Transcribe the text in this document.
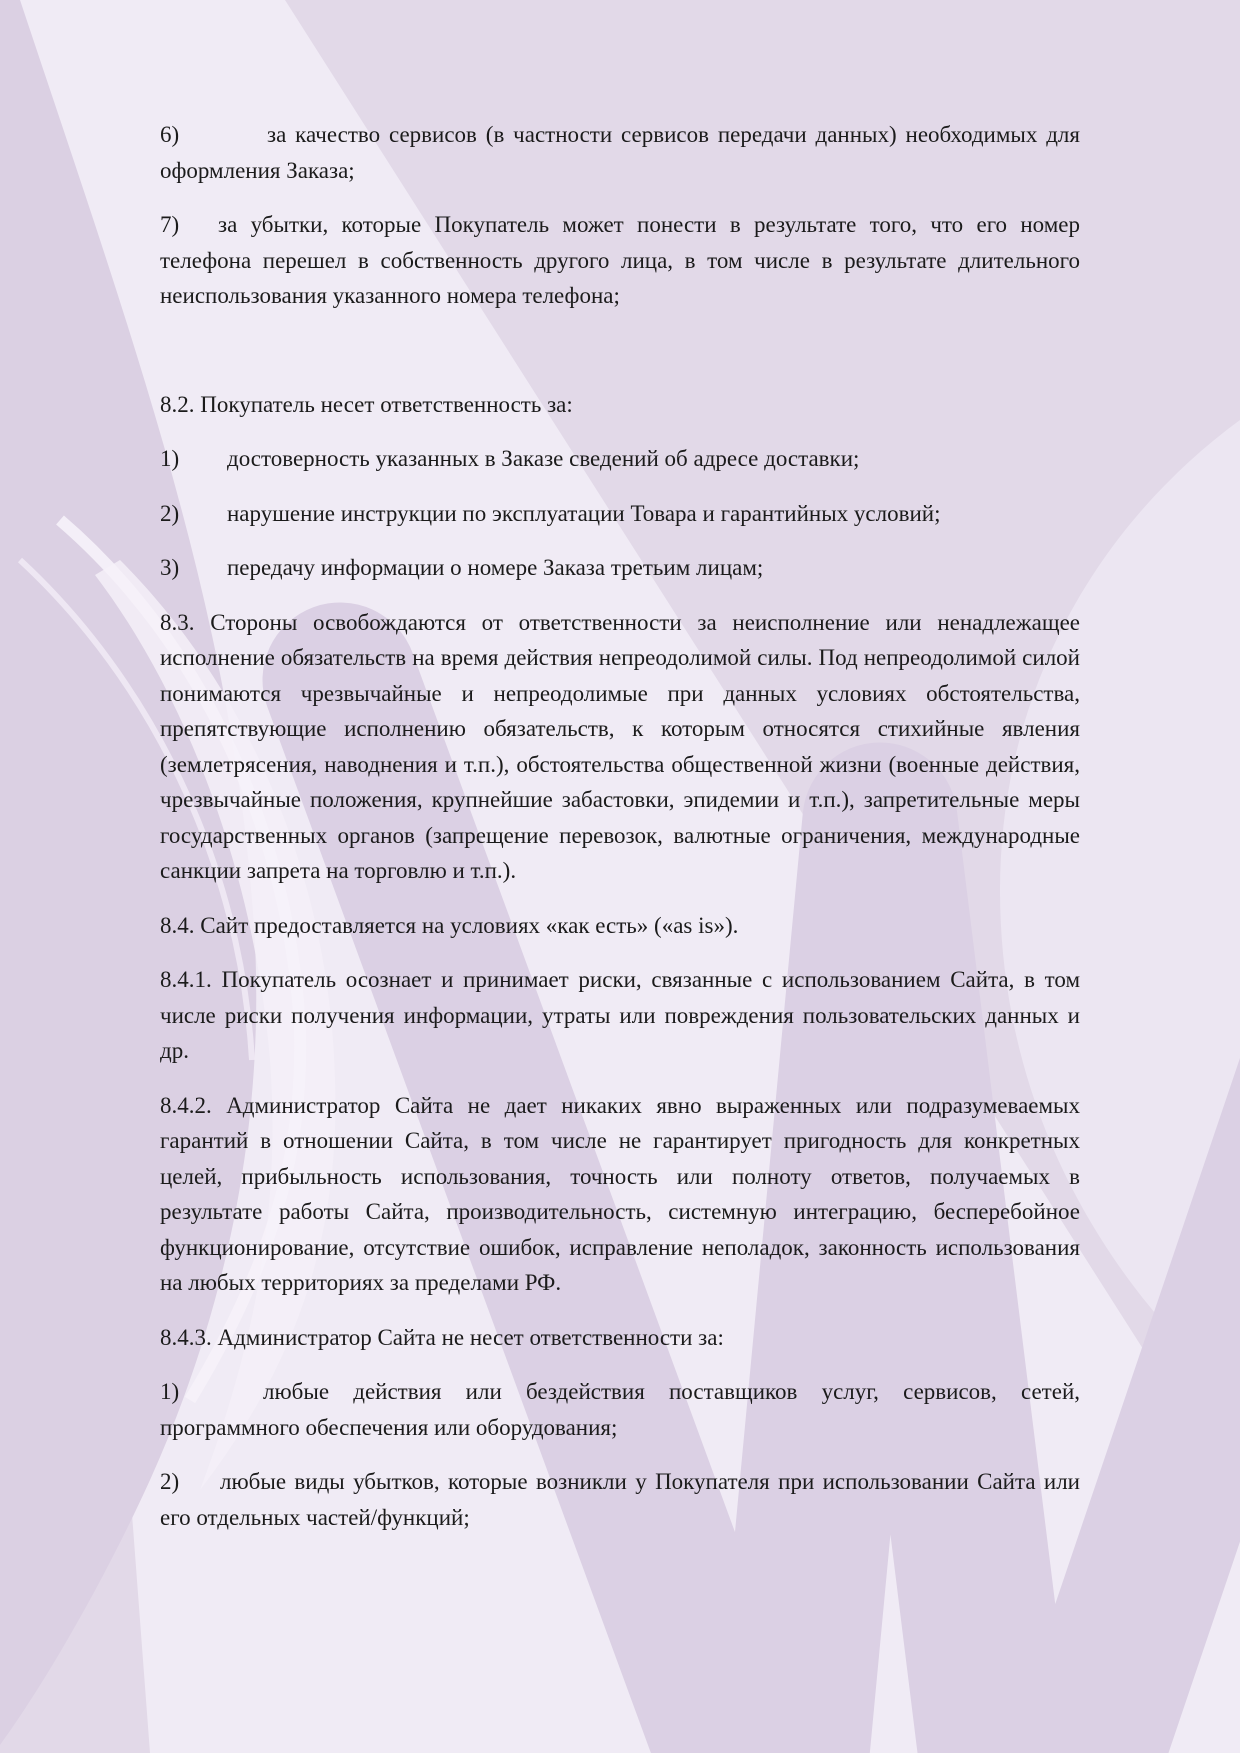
6)	за качество сервисов (в частности сервисов передачи данных) необходимых для оформления Заказа;

7) за убытки, которые Покупатель может понести в результате того, что его номер телефона перешел в собственность другого лица, в том числе в результате длительного неиспользования указанного номера телефона;

8.2. Покупатель несет ответственность за:

1) достоверность указанных в Заказе сведений об адресе доставки;

2) нарушение инструкции по эксплуатации Товара и гарантийных условий;

3) передачу информации о номере Заказа третьим лицам;

8.3. Стороны освобождаются от ответственности за неисполнение или ненадлежащее исполнение обязательств на время действия непреодолимой силы. Под непреодолимой силой понимаются чрезвычайные и непреодолимые при данных условиях обстоятельства, препятствующие исполнению обязательств, к которым относятся стихийные явления (землетрясения, наводнения и т.п.), обстоятельства общественной жизни (военные действия, чрезвычайные положения, крупнейшие забастовки, эпидемии и т.п.), запретительные меры государственных органов (запрещение перевозок, валютные ограничения, международные санкции запрета на торговлю и т.п.).

8.4. Сайт предоставляется на условиях «как есть» («as is»).

8.4.1. Покупатель осознает и принимает риски, связанные с использованием Сайта, в том числе риски получения информации, утраты или повреждения пользовательских данных и др.

8.4.2. Администратор Сайта не дает никаких явно выраженных или подразумеваемых гарантий в отношении Сайта, в том числе не гарантирует пригодность для конкретных целей, прибыльность использования, точность или полноту ответов, получаемых в результате работы Сайта, производительность, системную интеграцию, бесперебойное функционирование, отсутствие ошибок, исправление неполадок, законность использования на любых территориях за пределами РФ.

8.4.3. Администратор Сайта не несет ответственности за:

1)	любые действия или бездействия поставщиков услуг, сервисов, сетей, программного обеспечения или оборудования;

2) любые виды убытков, которые возникли у Покупателя при использовании Сайта или его отдельных частей/функций;
